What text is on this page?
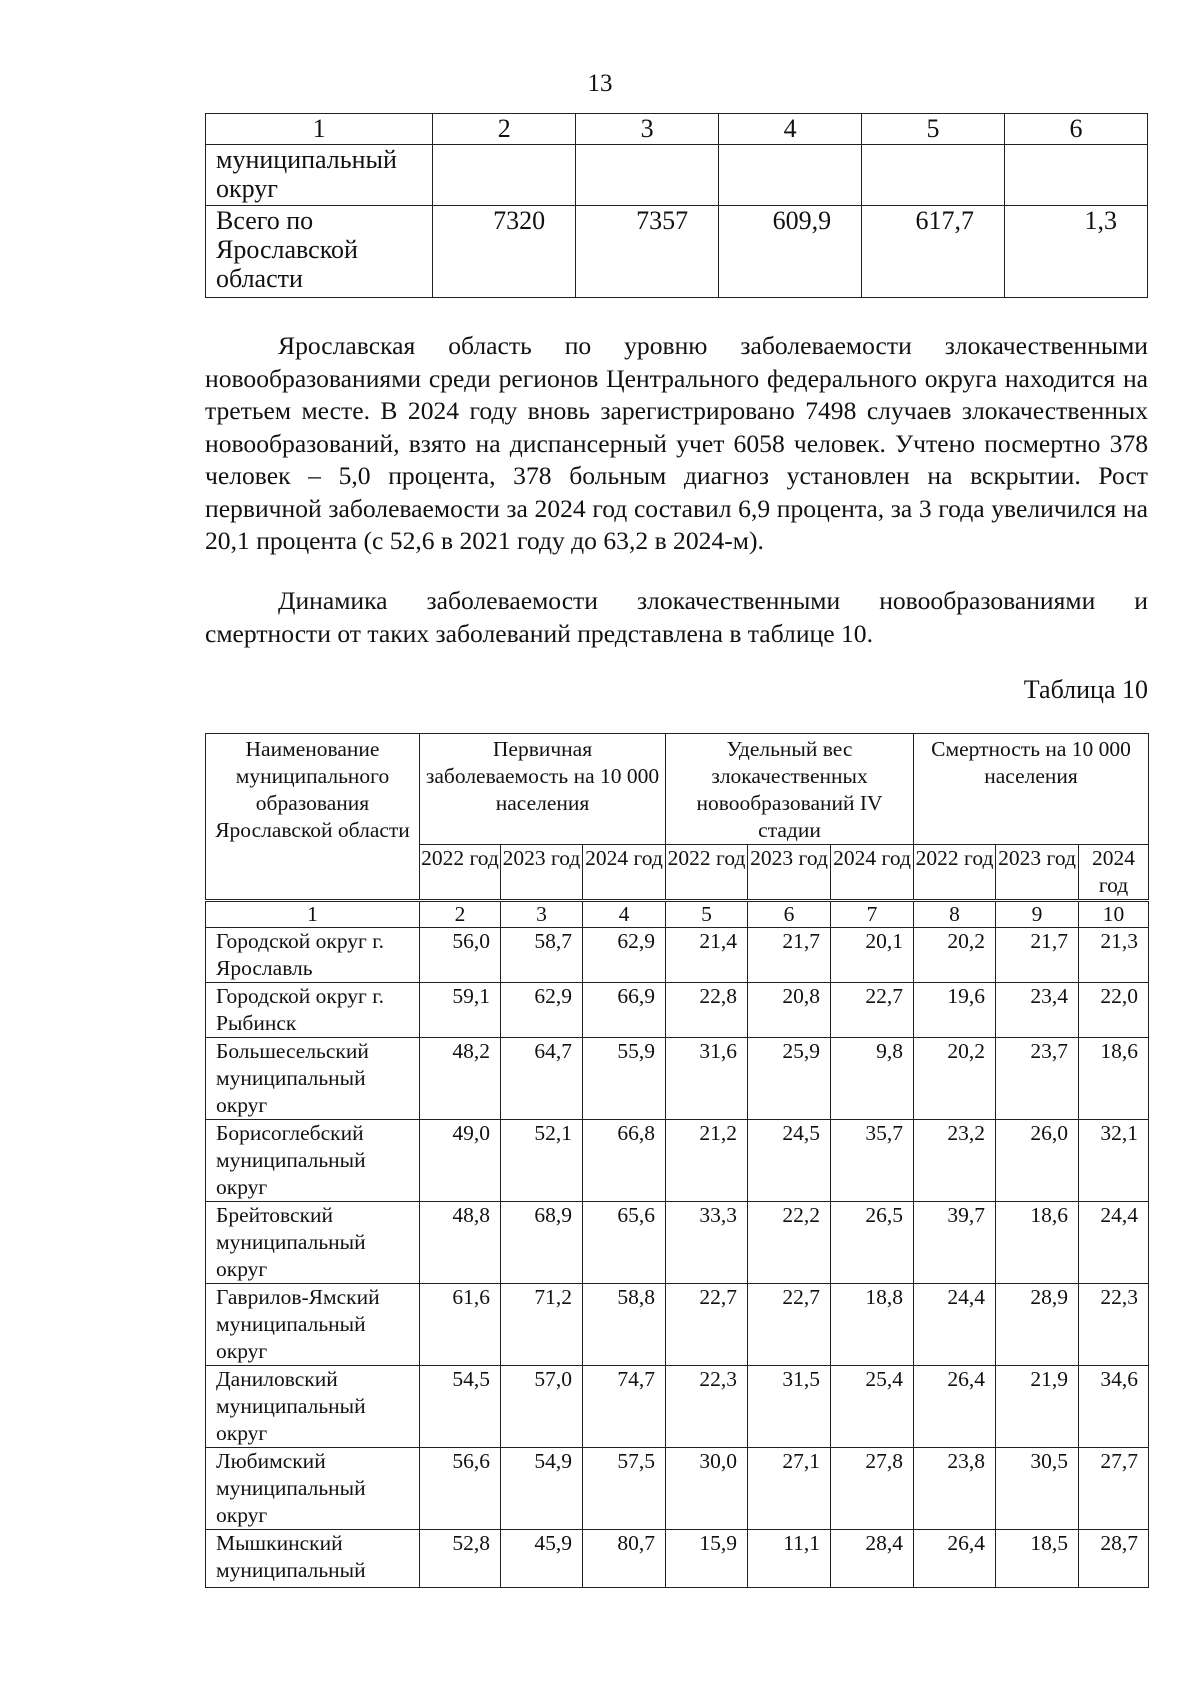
13
1	2	3	4	5	6
муниципальный округ					
Всего по Ярославской области	7320	7357	609,9	617,7	1,3

Ярославская область по уровню заболеваемости злокачественными новообразованиями среди регионов Центрального федерального округа находится на третьем месте. В 2024 году вновь зарегистрировано 7498 случаев злокачественных новообразований, взято на диспансерный учет 6058 человек. Учтено посмертно 378 человек – 5,0 процента, 378 больным диагноз установлен на вскрытии. Рост первичной заболеваемости за 2024 год составил 6,9 процента, за 3 года увеличился на 20,1 процента (с 52,6 в 2021 году до 63,2 в 2024-м).

Динамика заболеваемости злокачественными новообразованиями и смертности от таких заболеваний представлена в таблице 10.

Таблица 10
Наименование муниципального образования Ярославской области	Первичная заболеваемость на 10 000 населения			Удельный вес злокачественных новообразований IV стадии			Смертность на 10 000 населения		
	2022 год	2023 год	2024 год	2022 год	2023 год	2024 год	2022 год	2023 год	2024 год
1	2	3	4	5	6	7	8	9	10
Городской округ г. Ярославль	56,0	58,7	62,9	21,4	21,7	20,1	20,2	21,7	21,3
Городской округ г. Рыбинск	59,1	62,9	66,9	22,8	20,8	22,7	19,6	23,4	22,0
Большесельский муниципальный округ	48,2	64,7	55,9	31,6	25,9	9,8	20,2	23,7	18,6
Борисоглебский муниципальный округ	49,0	52,1	66,8	21,2	24,5	35,7	23,2	26,0	32,1
Брейтовский муниципальный округ	48,8	68,9	65,6	33,3	22,2	26,5	39,7	18,6	24,4
Гаврилов-Ямский муниципальный округ	61,6	71,2	58,8	22,7	22,7	18,8	24,4	28,9	22,3
Даниловский муниципальный округ	54,5	57,0	74,7	22,3	31,5	25,4	26,4	21,9	34,6
Любимский муниципальный округ	56,6	54,9	57,5	30,0	27,1	27,8	23,8	30,5	27,7
Мышкинский муниципальный	52,8	45,9	80,7	15,9	11,1	28,4	26,4	18,5	28,7
